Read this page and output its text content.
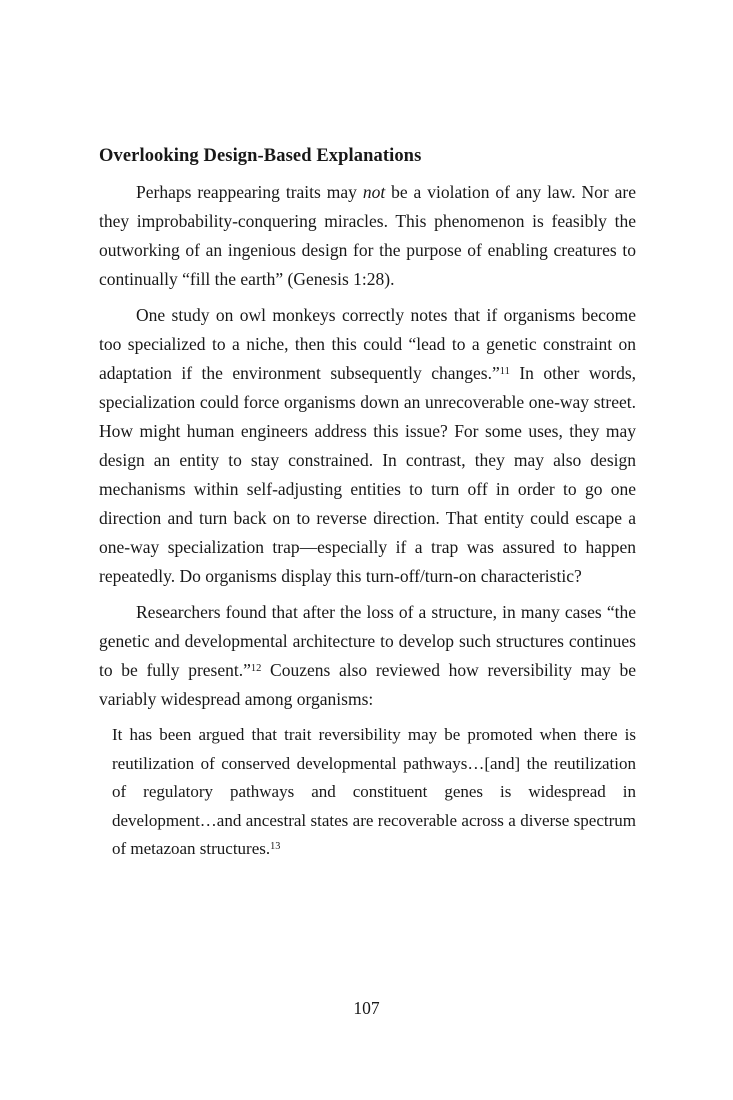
Overlooking Design-Based Explanations

Perhaps reappearing traits may not be a violation of any law. Nor are they improbability-conquering miracles. This phenomenon is feasibly the outworking of an ingenious design for the purpose of enabling creatures to continually “fill the earth” (Genesis 1:28).

One study on owl monkeys correctly notes that if organisms become too specialized to a niche, then this could “lead to a genetic constraint on adaptation if the environment subsequently changes.”$^{11}$ In other words, specialization could force organisms down an unrecoverable one-way street. How might human engineers address this issue? For some uses, they may design an entity to stay constrained. In contrast, they may also design mechanisms within self-adjusting entities to turn off in order to go one direction and turn back on to reverse direction. That entity could escape a one-way specialization trap—especially if a trap was assured to happen repeatedly. Do organisms display this turn-off/turn-on characteristic?

Researchers found that after the loss of a structure, in many cases “the genetic and developmental architecture to develop such structures continues to be fully present.”$^{12}$ Couzens also reviewed how reversibility may be variably widespread among organisms:

It has been argued that trait reversibility may be promoted when there is reutilization of conserved developmental pathways…[and] the reutilization of regulatory pathways and constituent genes is widespread in development…and ancestral states are recoverable across a diverse spectrum of metazoan structures.$^{13}$

107
